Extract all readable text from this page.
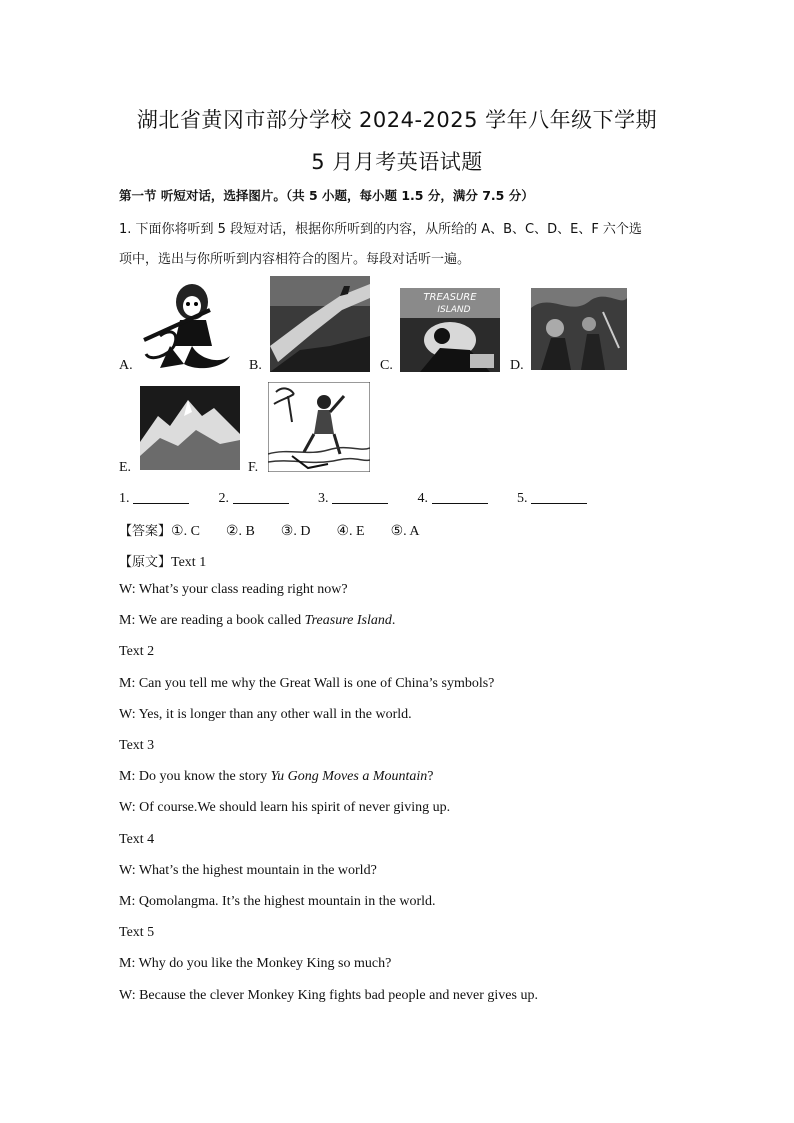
湖北省黄冈市部分学校 2024-2025 学年八年级下学期
5 月月考英语试题
第一节 听短对话，选择图片。（共 5 小题，每小题 1.5 分，满分 7.5 分）
1. 下面你将听到 5 段短对话，根据你所听到的内容，从所给的 A、B、C、D、E、F 六个选
项中，选出与你所听到内容相符合的图片。每段对话听一遍。
A.	B.
TREASURE
ISLAND
C.	D.
E.	F.
1.	2.	3.	4.	5.
【答案】①. C ②. B ③. D ④. E ⑤. A
【原文】Text 1
W: What’s your class reading right now?
M: We are reading a book called Treasure Island.
Text 2
M: Can you tell me why the Great Wall is one of China’s symbols?
W: Yes, it is longer than any other wall in the world.
Text 3
M: Do you know the story Yu Gong Moves a Mountain?
W: Of course.We should learn his spirit of never giving up.
Text 4
W: What’s the highest mountain in the world?
M: Qomolangma. It’s the highest mountain in the world.
Text 5
M: Why do you like the Monkey King so much?
W: Because the clever Monkey King fights bad people and never gives up.
